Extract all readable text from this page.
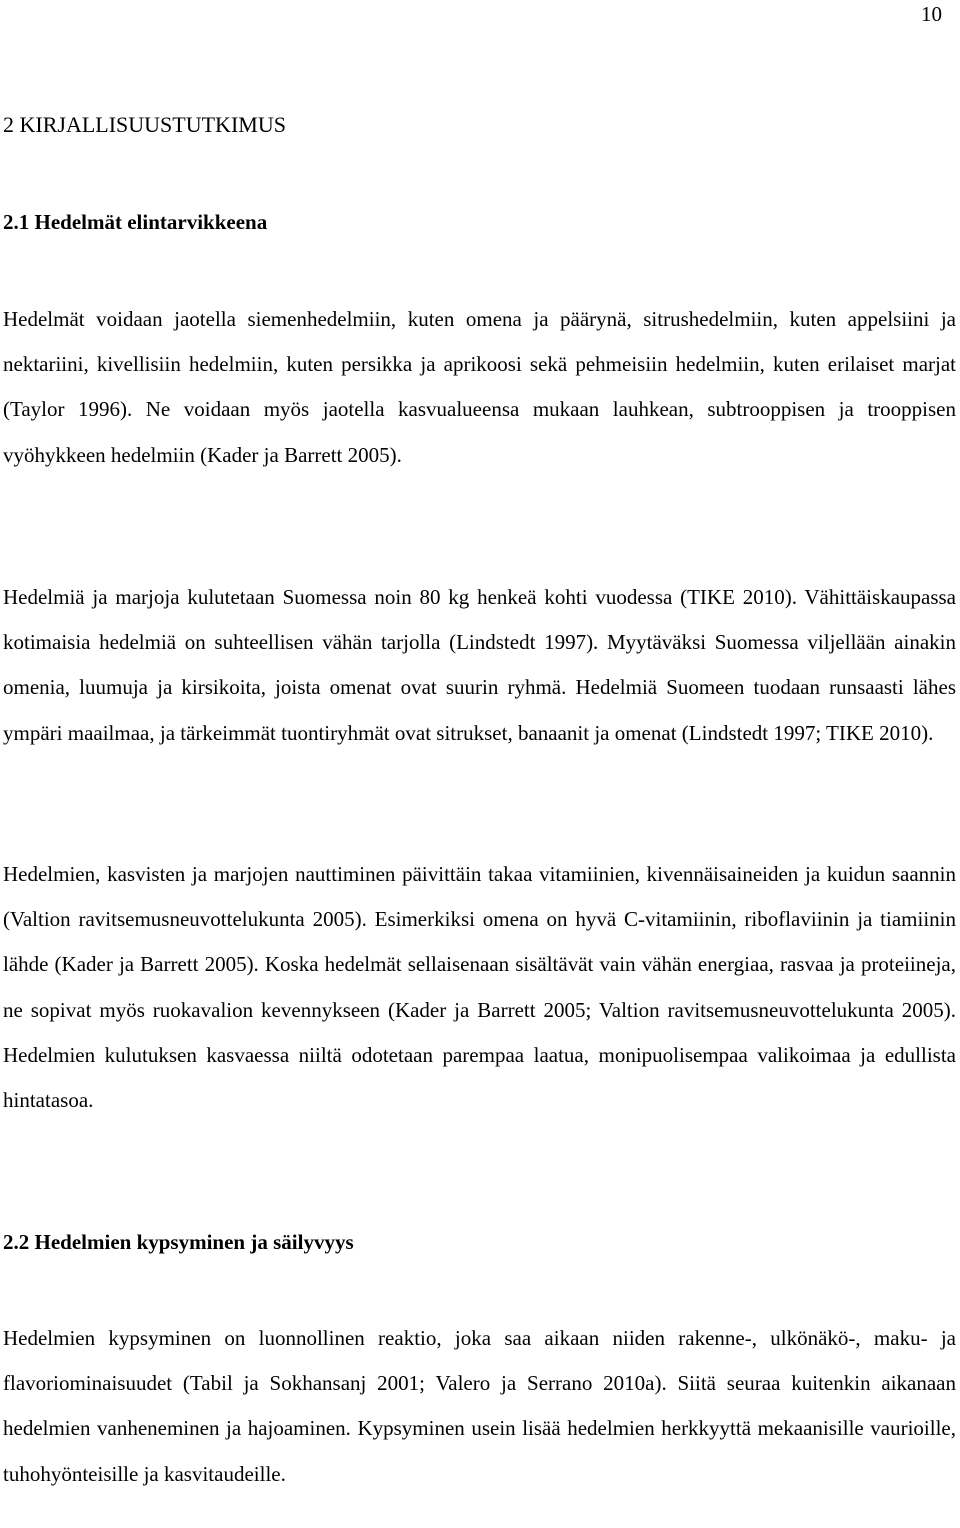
10
2 KIRJALLISUUSTUTKIMUS
2.1 Hedelmät elintarvikkeena

Hedelmät voidaan jaotella siemenhedelmiin, kuten omena ja päärynä, sitrushedelmiin, kuten appelsiini ja nektariini, kivellisiin hedelmiin, kuten persikka ja aprikoosi sekä pehmeisiin hedelmiin, kuten erilaiset marjat (Taylor 1996). Ne voidaan myös jaotella kasvualueensa mukaan lauhkean, subtrooppisen ja trooppisen vyöhykkeen hedelmiin (Kader ja Barrett 2005).

Hedelmiä ja marjoja kulutetaan Suomessa noin 80 kg henkeä kohti vuodessa (TIKE 2010). Vähittäiskaupassa kotimaisia hedelmiä on suhteellisen vähän tarjolla (Lindstedt 1997). Myytäväksi Suomessa viljellään ainakin omenia, luumuja ja kirsikoita, joista omenat ovat suurin ryhmä. Hedelmiä Suomeen tuodaan runsaasti lähes ympäri maailmaa, ja tärkeimmät tuontiryhmät ovat sitrukset, banaanit ja omenat (Lindstedt 1997; TIKE 2010).

Hedelmien, kasvisten ja marjojen nauttiminen päivittäin takaa vitamiinien, kivennäisaineiden ja kuidun saannin (Valtion ravitsemusneuvottelukunta 2005). Esimerkiksi omena on hyvä C-vitamiinin, riboflaviinin ja tiamiinin lähde (Kader ja Barrett 2005). Koska hedelmät sellaisenaan sisältävät vain vähän energiaa, rasvaa ja proteiineja, ne sopivat myös ruokavalion kevennykseen (Kader ja Barrett 2005; Valtion ravitsemusneuvottelukunta 2005). Hedelmien kulutuksen kasvaessa niiltä odotetaan parempaa laatua, monipuolisempaa valikoimaa ja edullista hintatasoa.

2.2 Hedelmien kypsyminen ja säilyvyys

Hedelmien kypsyminen on luonnollinen reaktio, joka saa aikaan niiden rakenne-, ulkönäkö-, maku- ja flavoriominaisuudet (Tabil ja Sokhansanj 2001; Valero ja Serrano 2010a). Siitä seuraa kuitenkin aikanaan hedelmien vanheneminen ja hajoaminen. Kypsyminen usein lisää hedelmien herkkyyttä mekaanisille vaurioille, tuhohyönteisille ja kasvitaudeille.
